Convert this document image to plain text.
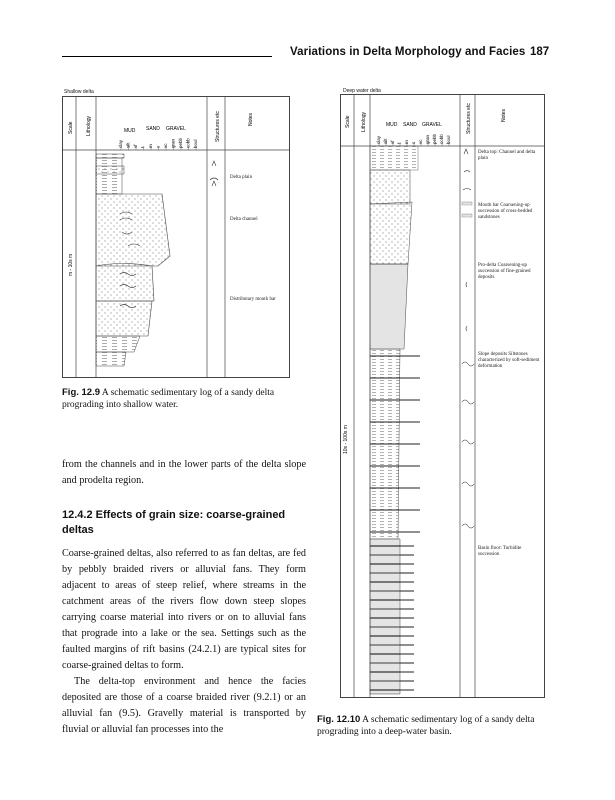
Variations in Delta Morphology and Facies 187
Shallow delta
Scale Lithology	Structures etc	Notes
MUD SAND GRAVEL
clay silt vf f m c vc gran pebb cobb boul
m - 10s m
Delta plain
Delta channel
Distributary mouth bar
Fig. 12.9 A schematic sedimentary log of a sandy delta prograding into shallow water.
from the channels and in the lower parts of the delta slope and prodelta region.
12.4.2 Effects of grain size: coarse-grained deltas

Coarse-grained deltas, also referred to as fan deltas, are fed by pebbly braided rivers or alluvial fans. They form adjacent to areas of steep relief, where streams in the catchment areas of the rivers flow down steep slopes carrying coarse material into rivers or on to alluvial fans that prograde into a lake or the sea. Settings such as the faulted margins of rift basins (24.2.1) are typical sites for coarse-grained deltas to form.

The delta-top environment and hence the facies deposited are those of a coarse braided river (9.2.1) or an alluvial fan (9.5). Gravelly material is transported by fluvial or alluvial fan processes into the

Deep water delta
Scale Lithology	Structures etc	Notes
MUD SAND GRAVEL
clay silt vf f m c vc gran pebb cobb boul
10s - 100s m
Delta top: Channel and delta plain
Mouth bar Coarsening-up succession of cross-bedded sandstones
Pro-delta Coarsening-up succession of fine-grained deposits
Slope deposits Siltstones characterized by soft-sediment deformation
Basin floor: Turbidite succession
Fig. 12.10 A schematic sedimentary log of a sandy delta prograding into a deep-water basin.
